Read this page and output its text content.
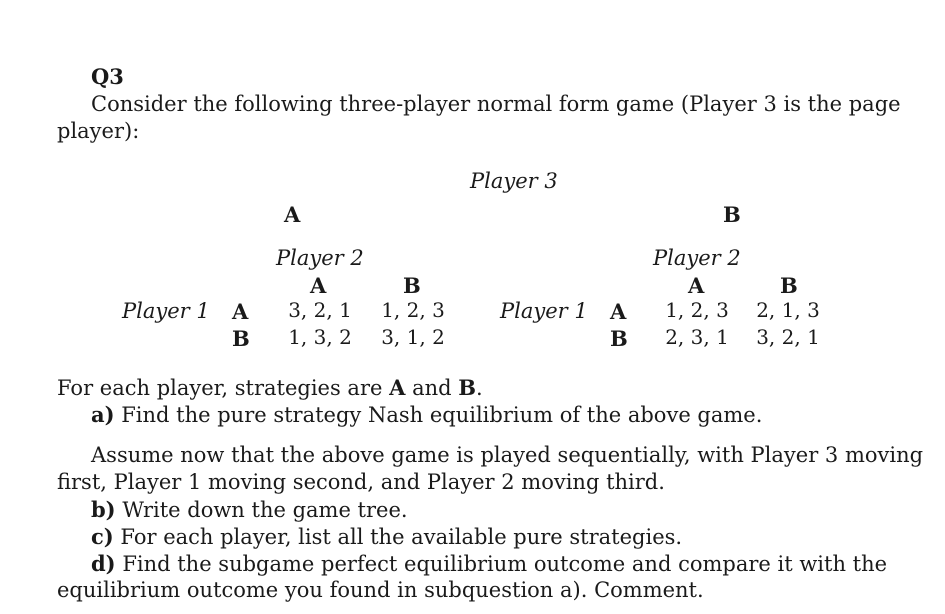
Q3
Consider the following three-player normal form game (Player 3 is the page
player):
Player 3
A
Player 2
A	B
Player 1 A
B
3, 2, 1 1, 2, 3
1, 3, 2 3, 1, 2
B
Player 2
A	B
Player 1 A
B
1, 2, 3 2, 1, 3
2, 3, 1 3, 2, 1
For each player, strategies are A and B.
a) Find the pure strategy Nash equilibrium of the above game.
Assume now that the above game is played sequentially, with Player 3 moving
first, Player 1 moving second, and Player 2 moving third.
b) Write down the game tree.
c) For each player, list all the available pure strategies.
d) Find the subgame perfect equilibrium outcome and compare it with the
equilibrium outcome you found in subquestion a). Comment.
